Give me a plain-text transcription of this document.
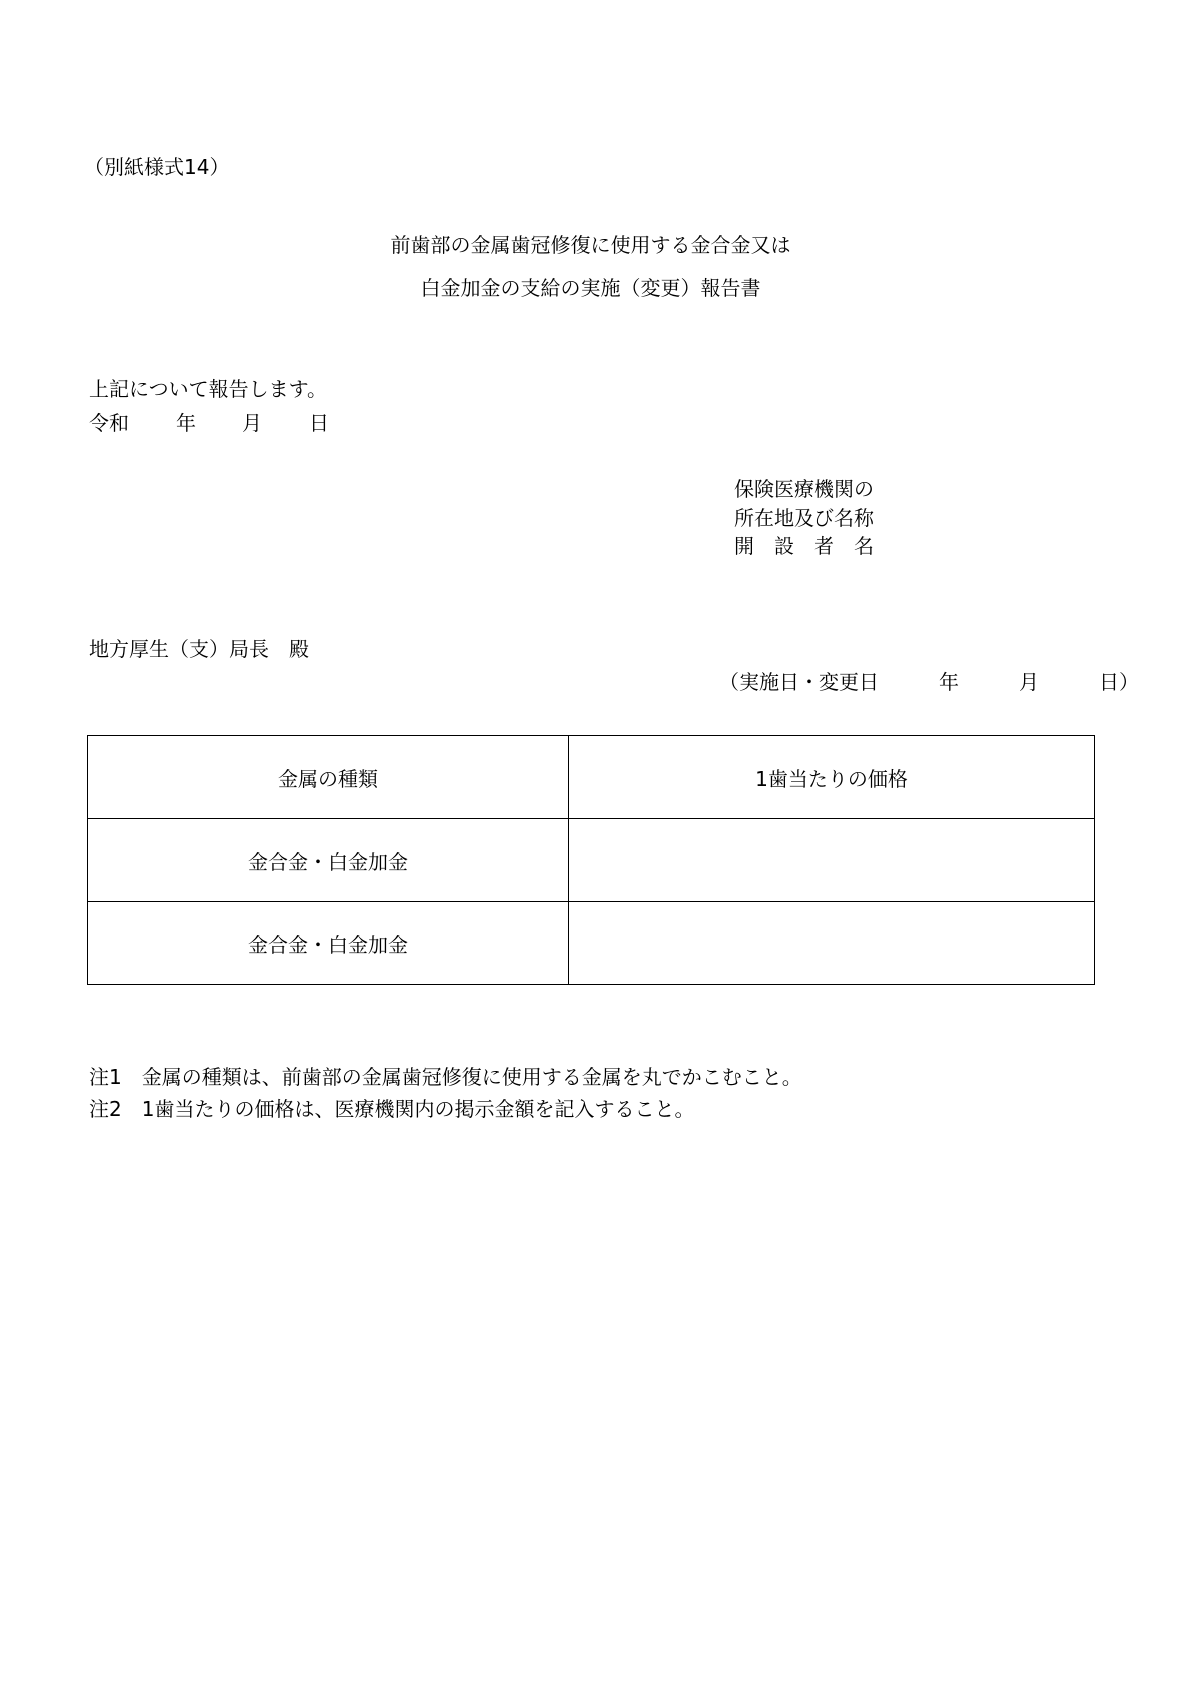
（別紙様式14）
前歯部の金属歯冠修復に使用する金合金又は
白金加金の支給の実施（変更）報告書
上記について報告します。
令和 年 月 日
保険医療機関の
所在地及び名称
開　設　者　名
地方厚生（支）局長　殿
（実施日・変更日　　　年　　　月　　　日）
金属の種類	1歯当たりの価格
金合金・白金加金	
金合金・白金加金	
注1　金属の種類は、前歯部の金属歯冠修復に使用する金属を丸でかこむこと。
注2　1歯当たりの価格は、医療機関内の掲示金額を記入すること。
